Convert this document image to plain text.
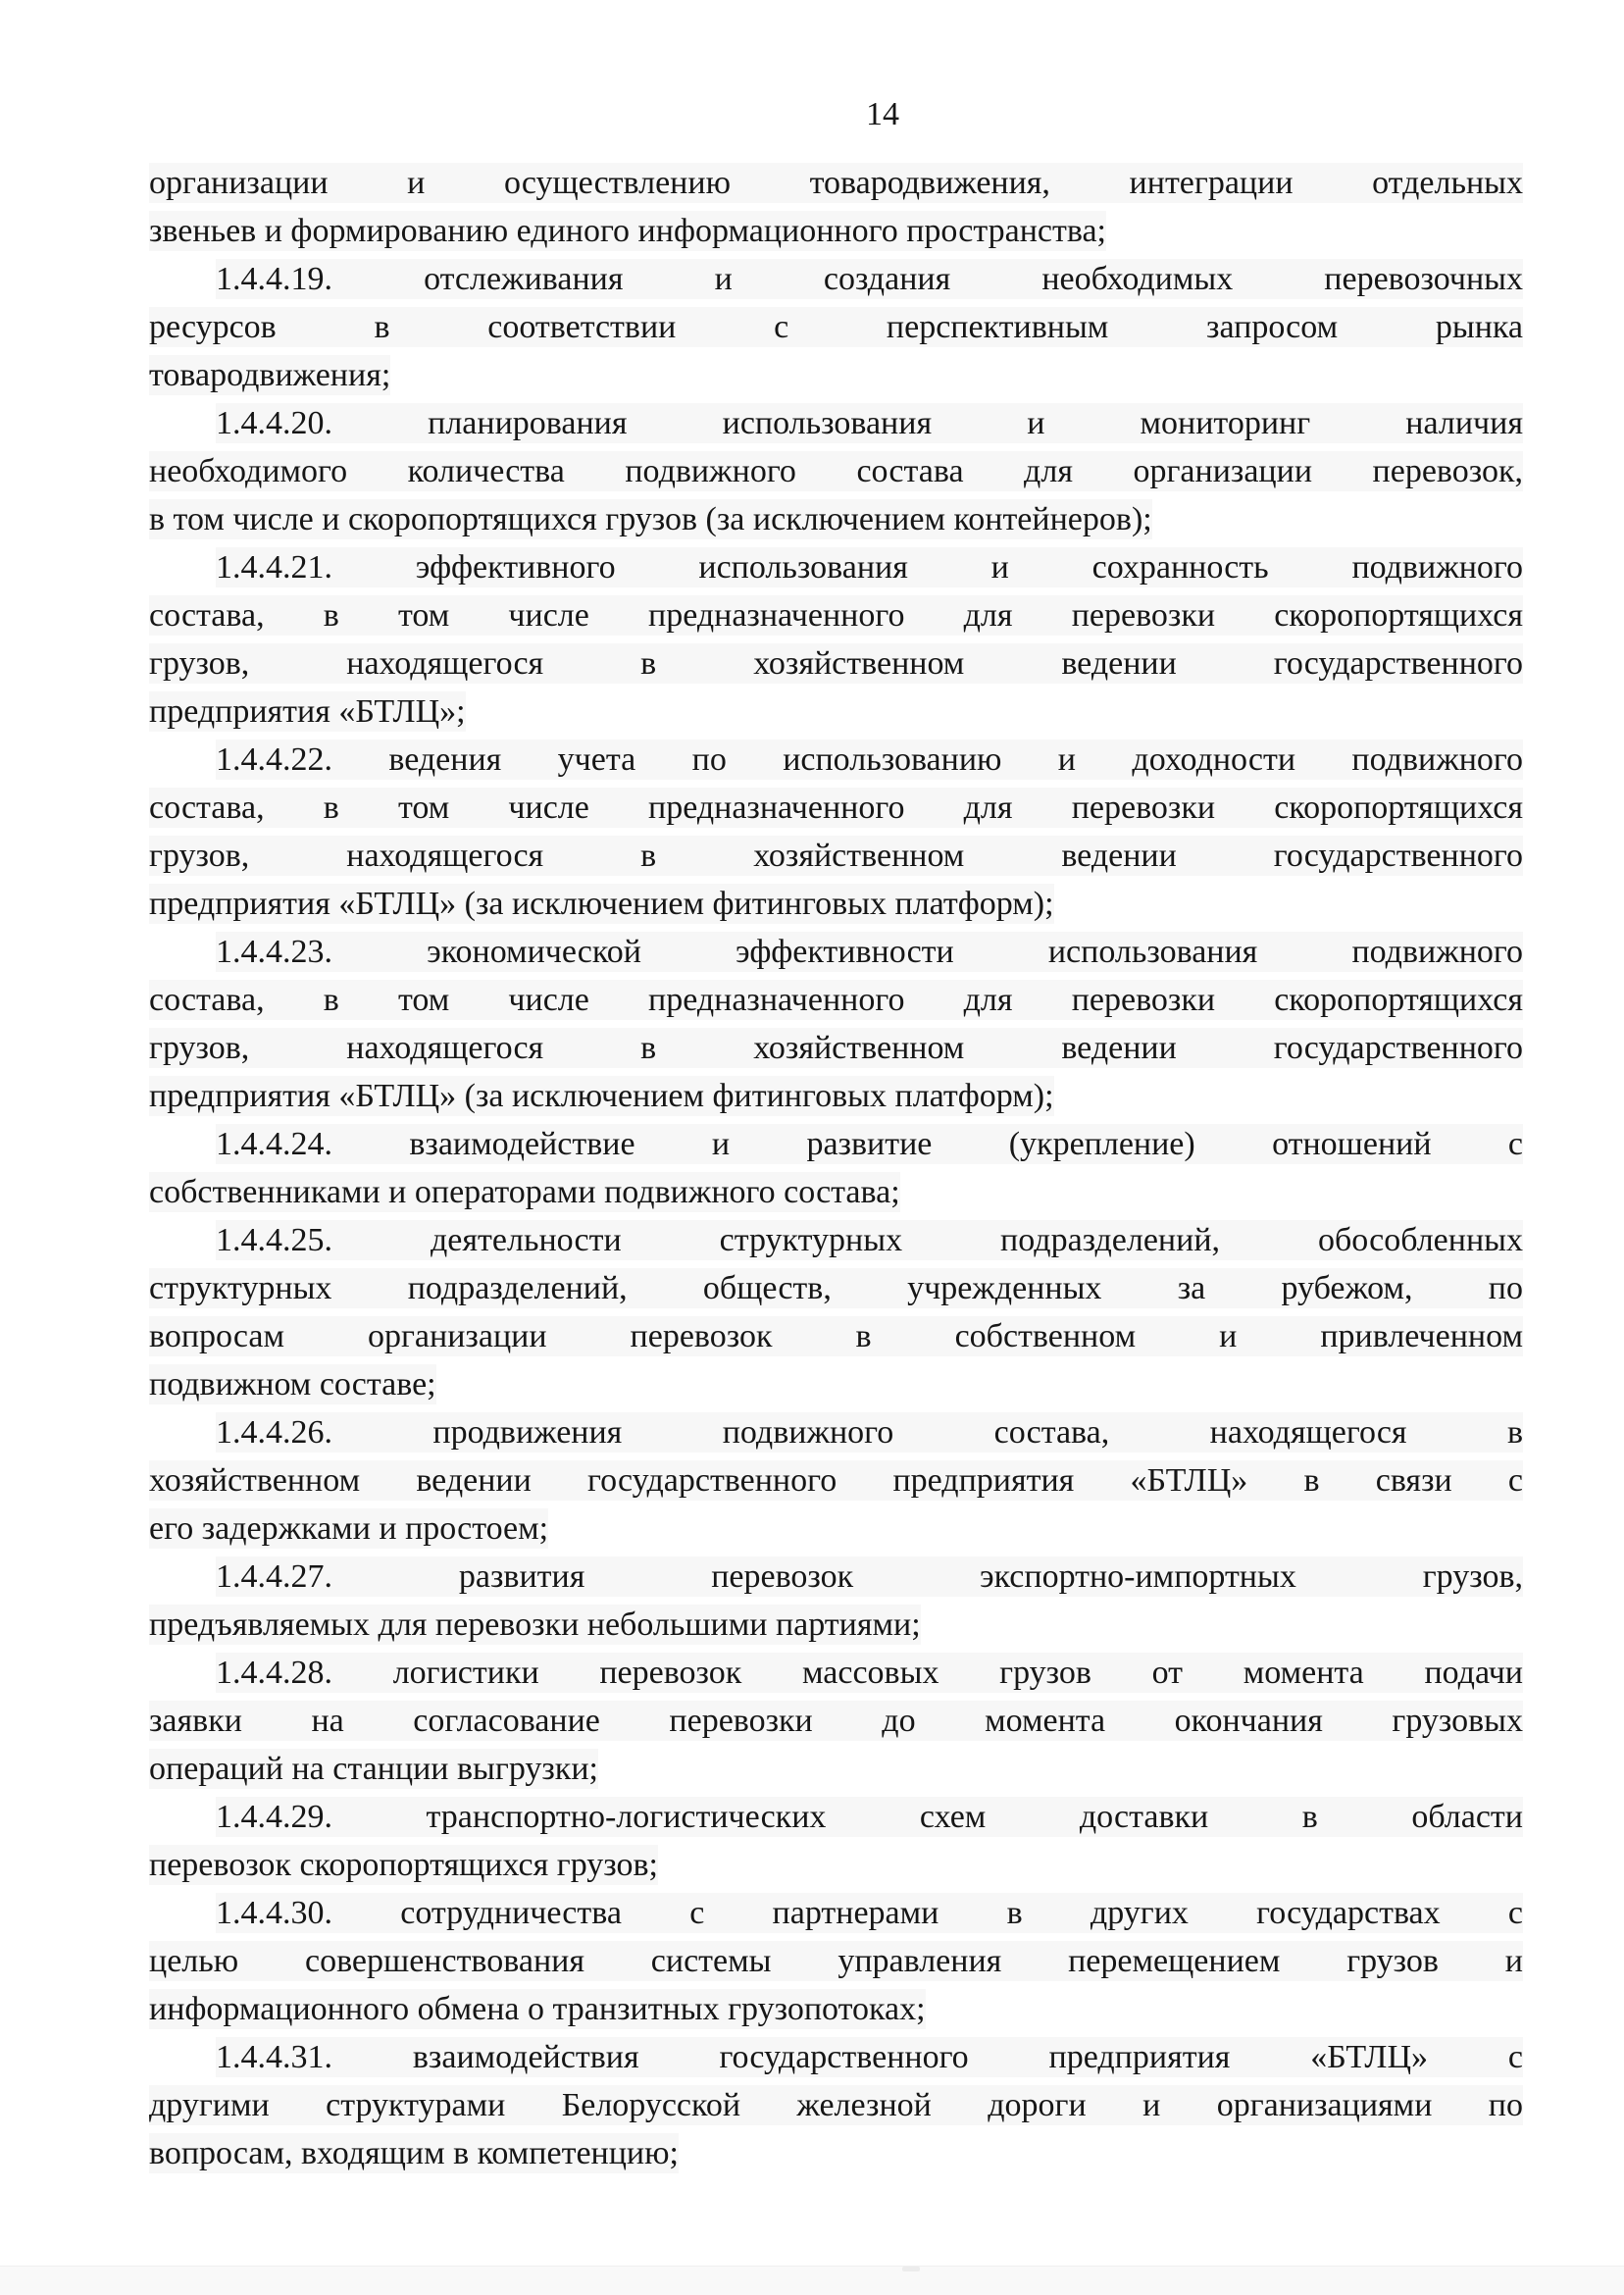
14
организации и осуществлению товародвижения, интеграции отдельных
звеньев и формированию единого информационного пространства;
1.4.4.19. отслеживания и создания необходимых перевозочных
ресурсов в соответствии с перспективным запросом рынка
товародвижения;
1.4.4.20. планирования использования и мониторинг наличия
необходимого количества подвижного состава для организации перевозок,
в том числе и скоропортящихся грузов (за исключением контейнеров);
1.4.4.21. эффективного использования и сохранность подвижного
состава, в том числе предназначенного для перевозки скоропортящихся
грузов, находящегося в хозяйственном ведении государственного
предприятия «БТЛЦ»;
1.4.4.22. ведения учета по использованию и доходности подвижного
состава, в том числе предназначенного для перевозки скоропортящихся
грузов, находящегося в хозяйственном ведении государственного
предприятия «БТЛЦ» (за исключением фитинговых платформ);
1.4.4.23. экономической эффективности использования подвижного
состава, в том числе предназначенного для перевозки скоропортящихся
грузов, находящегося в хозяйственном ведении государственного
предприятия «БТЛЦ» (за исключением фитинговых платформ);
1.4.4.24. взаимодействие и развитие (укрепление) отношений с
собственниками и операторами подвижного состава;
1.4.4.25. деятельности структурных подразделений, обособленных
структурных подразделений, обществ, учрежденных за рубежом, по
вопросам организации перевозок в собственном и привлеченном
подвижном составе;
1.4.4.26. продвижения подвижного состава, находящегося в
хозяйственном ведении государственного предприятия «БТЛЦ» в связи с
его задержками и простоем;
1.4.4.27. развития перевозок экспортно-импортных грузов,
предъявляемых для перевозки небольшими партиями;
1.4.4.28. логистики перевозок массовых грузов от момента подачи
заявки на согласование перевозки до момента окончания грузовых
операций на станции выгрузки;
1.4.4.29. транспортно-логистических схем доставки в области
перевозок скоропортящихся грузов;
1.4.4.30. сотрудничества с партнерами в других государствах с
целью совершенствования системы управления перемещением грузов и
информационного обмена о транзитных грузопотоках;
1.4.4.31. взаимодействия государственного предприятия «БТЛЦ» с
другими структурами Белорусской железной дороги и организациями по
вопросам, входящим в компетенцию;
